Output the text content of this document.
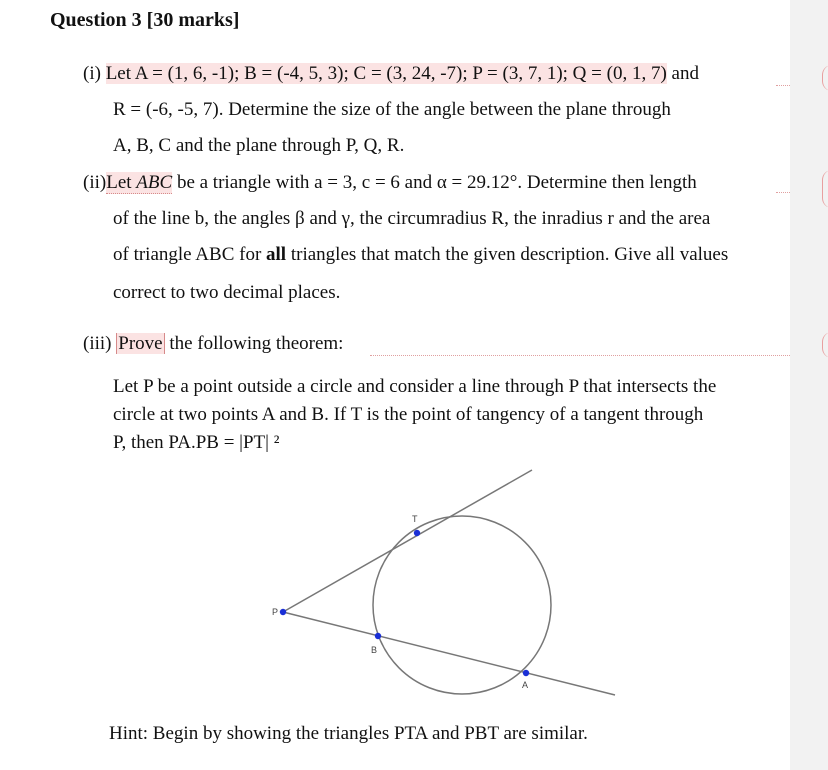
Question 3 [30 marks]
(i) Let A = (1, 6, -1); B = (-4, 5, 3); C = (3, 24, -7); P = (3, 7, 1); Q = (0, 1, 7) and
R = (-6, -5, 7). Determine the size of the angle between the plane through
A, B, C and the plane through P, Q, R.
(ii)Let ABC be a triangle with a = 3, c = 6 and α = 29.12°. Determine then length
of the line b, the angles β and γ, the circumradius R, the inradius r and the area
of triangle ABC for all triangles that match the given description. Give all values
correct to two decimal places.
(iii) Prove the following theorem:
Let P be a point outside a circle and consider a line through P that intersects the
circle at two points A and B. If T is the point of tangency of a tangent through
P, then PA.PB = |PT| ²
T
P
B
A
Hint: Begin by showing the triangles PTA and PBT are similar.
